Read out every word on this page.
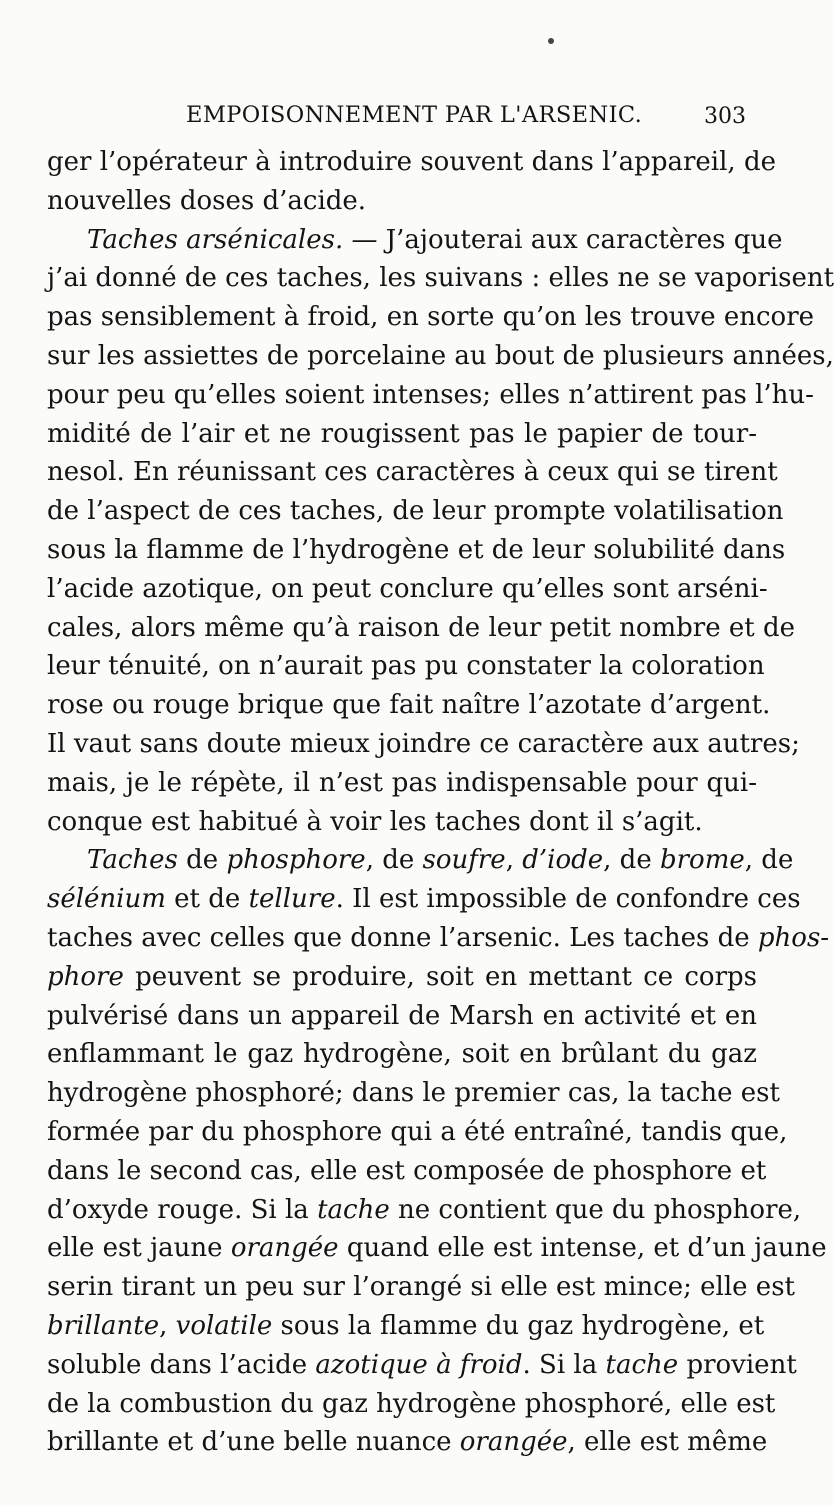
EMPOISONNEMENT PAR L'ARSENIC.	303
ger l’opérateur à introduire souvent dans l’appareil, de
nouvelles doses d’acide.
Taches arsénicales. — J’ajouterai aux caractères que
j’ai donné de ces taches, les suivans : elles ne se vaporisent
pas sensiblement à froid, en sorte qu’on les trouve encore
sur les assiettes de porcelaine au bout de plusieurs années,
pour peu qu’elles soient intenses; elles n’attirent pas l’hu-
midité de l’air et ne rougissent pas le papier de tour-
nesol. En réunissant ces caractères à ceux qui se tirent
de l’aspect de ces taches, de leur prompte volatilisation
sous la flamme de l’hydrogène et de leur solubilité dans
l’acide azotique, on peut conclure qu’elles sont arséni-
cales, alors même qu’à raison de leur petit nombre et de
leur ténuité, on n’aurait pas pu constater la coloration
rose ou rouge brique que fait naître l’azotate d’argent.
Il vaut sans doute mieux joindre ce caractère aux autres;
mais, je le répète, il n’est pas indispensable pour qui-
conque est habitué à voir les taches dont il s’agit.
Taches de phosphore, de soufre, d’iode, de brome, de
sélénium et de tellure. Il est impossible de confondre ces
taches avec celles que donne l’arsenic. Les taches de phos-
phore peuvent se produire, soit en mettant ce corps
pulvérisé dans un appareil de Marsh en activité et en
enflammant le gaz hydrogène, soit en brûlant du gaz
hydrogène phosphoré; dans le premier cas, la tache est
formée par du phosphore qui a été entraîné, tandis que,
dans le second cas, elle est composée de phosphore et
d’oxyde rouge. Si la tache ne contient que du phosphore,
elle est jaune orangée quand elle est intense, et d’un jaune
serin tirant un peu sur l’orangé si elle est mince; elle est
brillante, volatile sous la flamme du gaz hydrogène, et
soluble dans l’acide azotique à froid. Si la tache provient
de la combustion du gaz hydrogène phosphoré, elle est
brillante et d’une belle nuance orangée, elle est même
